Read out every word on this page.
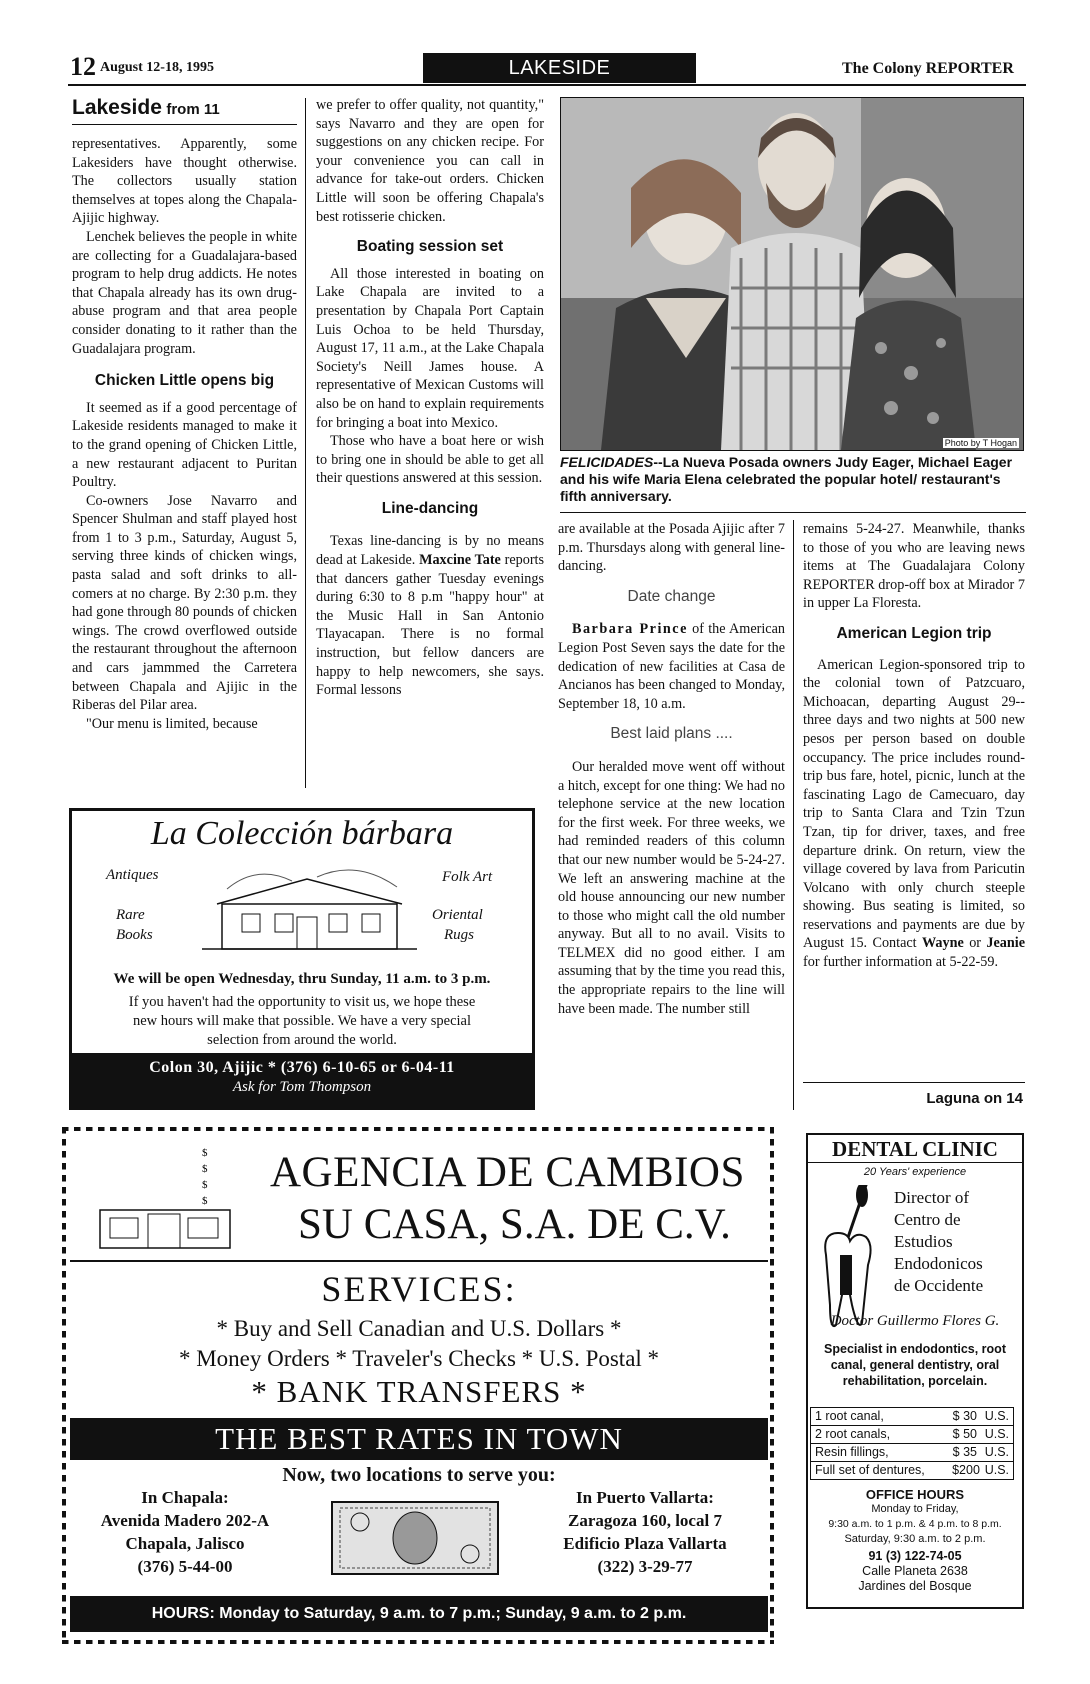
12 August 12-18, 1995	LAKESIDE	The Colony REPORTER
Lakeside from 11

representatives. Apparently, some Lakesiders have thought otherwise. The collectors usually station themselves at topes along the Chapala-Ajijic highway.

Lenchek believes the people in white are collecting for a Guadalajara-based program to help drug addicts. He notes that Chapala already has its own drug-abuse program and that area people consider donating to it rather than the Guadalajara program.

Chicken Little opens big

It seemed as if a good percentage of Lakeside residents managed to make it to the grand opening of Chicken Little, a new restaurant adjacent to Puritan Poultry.

Co-owners Jose Navarro and Spencer Shulman and staff played host from 1 to 3 p.m., Saturday, August 5, serving three kinds of chicken wings, pasta salad and soft drinks to all-comers at no charge. By 2:30 p.m. they had gone through 80 pounds of chicken wings. The crowd overflowed outside the restaurant throughout the afternoon and cars jammmed the Carretera between Chapala and Ajijic in the Riberas del Pilar area.

"Our menu is limited, because

we prefer to offer quality, not quantity," says Navarro and they are open for suggestions on any chicken recipe. For your convenience you can call in advance for take-out orders. Chicken Little will soon be offering Chapala's best rotisserie chicken.

Boating session set

All those interested in boating on Lake Chapala are invited to a presentation by Chapala Port Captain Luis Ochoa to be held Thursday, August 17, 11 a.m., at the Lake Chapala Society's Neill James house. A representative of Mexican Customs will also be on hand to explain requirements for bringing a boat into Mexico.

Those who have a boat here or wish to bring one in should be able to get all their questions answered at this session.

Line-dancing

Texas line-dancing is by no means dead at Lakeside. Maxcine Tate reports that dancers gather Tuesday evenings during 6:30 to 8 p.m "happy hour" at the Music Hall in San Antonio Tlayacapan. There is no formal instruction, but fellow dancers are happy to help newcomers, she says. Formal lessons

Photo by T Hogan
FELICIDADES--La Nueva Posada owners Judy Eager, Michael Eager and his wife Maria Elena celebrated the popular hotel/ restaurant's fifth anniversary.

are available at the Posada Ajijic after 7 p.m. Thursdays along with general line-dancing.

Date change

Barbara Prince of the American Legion Post Seven says the date for the dedication of new facilities at Casa de Ancianos has been changed to Monday, September 18, 10 a.m.

Best laid plans ....

Our heralded move went off without a hitch, except for one thing: We had no telephone service at the new location for the first week. For three weeks, we had reminded readers of this column that our new number would be 5-24-27. We left an answering machine at the old house announcing our new number to those who might call the old number anyway. But all to no avail. Visits to TELMEX did no good either. I am assuming that by the time you read this, the appropriate repairs to the line will have been made. The number still

remains 5-24-27. Meanwhile, thanks to those of you who are leaving news items at The Guadalajara Colony REPORTER drop-off box at Mirador 7 in upper La Floresta.

American Legion trip

American Legion-sponsored trip to the colonial town of Patzcuaro, Michoacan, departing August 29--three days and two nights at 500 new pesos per person based on double occupancy. The price includes round-trip bus fare, hotel, picnic, lunch at the fascinating Lago de Camecuaro, day trip to Santa Clara and Tzin Tzun Tzan, tip for driver, taxes, and free departure drink. On return, view the village covered by lava from Paricutin Volcano with only church steeple showing. Bus seating is limited, so reservations and payments are due by August 15. Contact Wayne or Jeanie for further information at 5-22-59.

Laguna on 14
La Colección bárbara
Antiques
Rare
Books
Folk Art
Oriental
Rugs
We will be open Wednesday, thru Sunday, 11 a.m. to 3 p.m.
If you haven't had the opportunity to visit us, we hope these new hours will make that possible. We have a very special selection from around the world.
Colon 30, Ajijic * (376) 6-10-65 or 6-04-11
Ask for Tom Thompson
$
$
$
$
AGENCIA DE CAMBIOS
SU CASA, S.A. DE C.V.
SERVICES:
* Buy and Sell Canadian and U.S. Dollars *
* Money Orders * Traveler's Checks * U.S. Postal *
* BANK TRANSFERS *
THE BEST RATES IN TOWN
Now, two locations to serve you:
In Chapala:
Avenida Madero 202-A
Chapala, Jalisco
(376) 5-44-00
In Puerto Vallarta:
Zaragoza 160, local 7
Edificio Plaza Vallarta
(322) 3-29-77
HOURS: Monday to Saturday, 9 a.m. to 7 p.m.; Sunday, 9 a.m. to 2 p.m.
DENTAL CLINIC
20 Years' experience
Director of
Centro de
Estudios
Endodonicos
de Occidente
Doctor Guillermo Flores G.
Specialist in endodontics, root canal, general dentistry, oral rehabilitation, porcelain.
1 root canal,	$ 30 U.S.
2 root canals,	$ 50 U.S.
Resin fillings,	$ 35 U.S.
Full set of dentures,	$200 U.S.
OFFICE HOURS
Monday to Friday,
9:30 a.m. to 1 p.m. & 4 p.m. to 8 p.m.
Saturday, 9:30 a.m. to 2 p.m.
91 (3) 122-74-05
Calle Planeta 2638
Jardines del Bosque
